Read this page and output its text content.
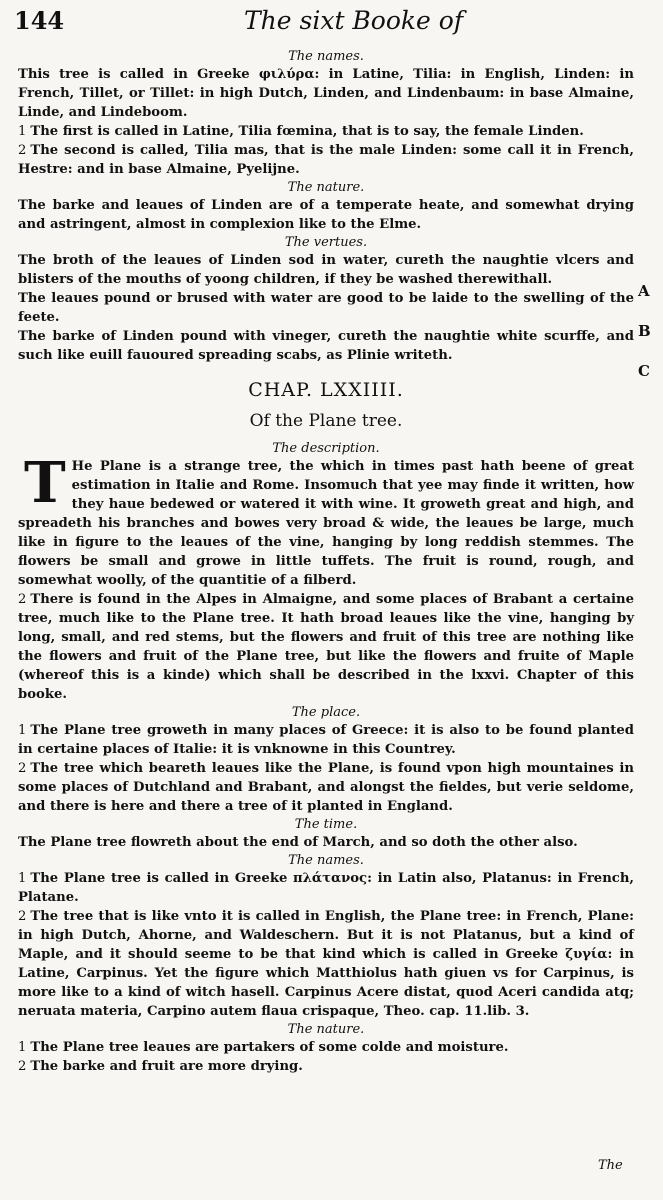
144	The sixt Booke of
The names.

This tree is called in Greeke φιλύρα: in Latine, Tilia: in English, Linden: in French, Tillet, or Tillet: in high Dutch, Linden, and Lindenbaum: in base Almaine, Linde, and Lindeboom.

1 The first is called in Latine, Tilia fœmina, that is to say, the female Linden.

2 The second is called, Tilia mas, that is the male Linden: some call it in French, Hestre: and in base Almaine, Pyelijne.

The nature.

The barke and leaues of Linden are of a temperate heate, and somewhat drying and astringent, almost in complexion like to the Elme.

The vertues.

The broth of the leaues of Linden sod in water, cureth the naughtie vlcers and blisters of the mouths of yoong children, if they be washed therewithall.

The leaues pound or brused with water are good to be laide to the swelling of the feete.

The barke of Linden pound with vineger, cureth the naughtie white scurffe, and such like euill fauoured spreading scabs, as Plinie writeth.

CHAP. LXXIIII.
Of the Plane tree.
The description.

T He Plane is a strange tree, the which in times past hath beene of great estimation in Italie and Rome. Insomuch that yee may finde it written, how they haue bedewed or watered it with wine. It groweth great and high, and spreadeth his branches and bowes very broad & wide, the leaues be large, much like in figure to the leaues of the vine, hanging by long reddish stemmes. The flowers be small and growe in little tuffets. The fruit is round, rough, and somewhat woolly, of the quantitie of a filberd.

2 There is found in the Alpes in Almaigne, and some places of Brabant a certaine tree, much like to the Plane tree. It hath broad leaues like the vine, hanging by long, small, and red stems, but the flowers and fruit of this tree are nothing like the flowers and fruit of the Plane tree, but like the flowers and fruite of Maple (whereof this is a kinde) which shall be described in the lxxvi. Chapter of this booke.

The place.

1 The Plane tree groweth in many places of Greece: it is also to be found planted in certaine places of Italie: it is vnknowne in this Countrey.

2 The tree which beareth leaues like the Plane, is found vpon high mountaines in some places of Dutchland and Brabant, and alongst the fieldes, but verie seldome, and there is here and there a tree of it planted in England.

The time.

The Plane tree flowreth about the end of March, and so doth the other also.

The names.

1 The Plane tree is called in Greeke πλάτανος: in Latin also, Platanus: in French, Platane.

2 The tree that is like vnto it is called in English, the Plane tree: in French, Plane: in high Dutch, Ahorne, and Waldeschern. But it is not Platanus, but a kind of Maple, and it should seeme to be that kind which is called in Greeke ζυγία: in Latine, Carpinus. Yet the figure which Matthiolus hath giuen vs for Carpinus, is more like to a kind of witch hasell. Carpinus Acere distat, quod Aceri candida atq; neruata materia, Carpino autem flaua crispaque, Theo. cap. 11.lib. 3.

The nature.

1 The Plane tree leaues are partakers of some colde and moisture.

2 The barke and fruit are more drying.

A
B
C
The
